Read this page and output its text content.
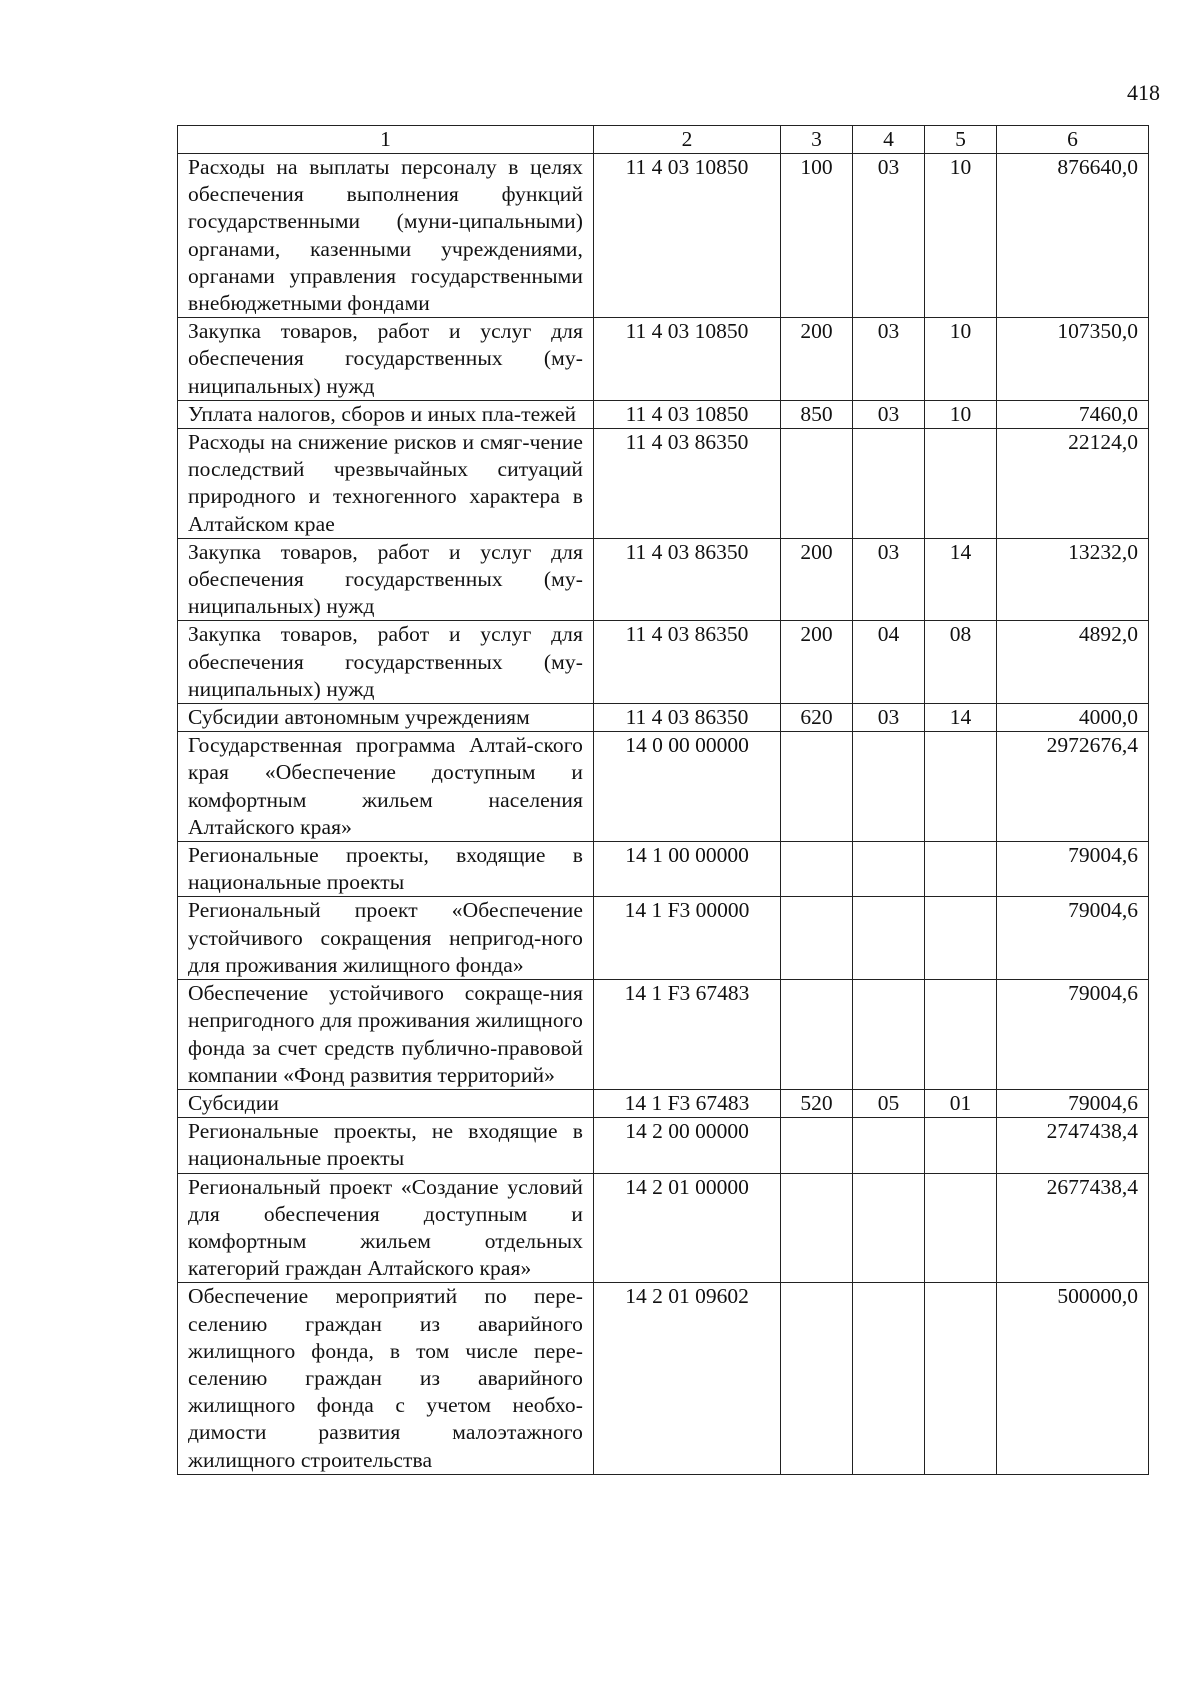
418
1	2	3	4	5	6
Расходы на выплаты персоналу в целях обеспечения выполнения функций государственными (муни-ципальными) органами, казенными учреждениями, органами управления государственными внебюджетными фондами	11 4 03 10850	100	03	10	876640,0
Закупка товаров, работ и услуг для обеспечения государственных (му-ниципальных) нужд	11 4 03 10850	200	03	10	107350,0
Уплата налогов, сборов и иных пла-тежей	11 4 03 10850	850	03	10	7460,0
Расходы на снижение рисков и смяг-чение последствий чрезвычайных ситуаций природного и техногенного характера в Алтайском крае	11 4 03 86350				22124,0
Закупка товаров, работ и услуг для обеспечения государственных (му-ниципальных) нужд	11 4 03 86350	200	03	14	13232,0
Закупка товаров, работ и услуг для обеспечения государственных (му-ниципальных) нужд	11 4 03 86350	200	04	08	4892,0
Субсидии автономным учреждениям	11 4 03 86350	620	03	14	4000,0
Государственная программа Алтай-ского края «Обеспечение доступным и комфортным жильем населения Алтайского края»	14 0 00 00000				2972676,4
Региональные проекты, входящие в национальные проекты	14 1 00 00000				79004,6
Региональный проект «Обеспечение устойчивого сокращения непригод-ного для проживания жилищного фонда»	14 1 F3 00000				79004,6
Обеспечение устойчивого сокраще-ния непригодного для проживания жилищного фонда за счет средств публично-правовой компании «Фонд развития территорий»	14 1 F3 67483				79004,6
Субсидии	14 1 F3 67483	520	05	01	79004,6
Региональные проекты, не входящие в национальные проекты	14 2 00 00000				2747438,4
Региональный проект «Создание условий для обеспечения доступным и комфортным жильем отдельных категорий граждан Алтайского края»	14 2 01 00000				2677438,4
Обеспечение мероприятий по пере-селению граждан из аварийного жилищного фонда, в том числе пере-селению граждан из аварийного жилищного фонда с учетом необхо-димости развития малоэтажного жилищного строительства	14 2 01 09602				500000,0
